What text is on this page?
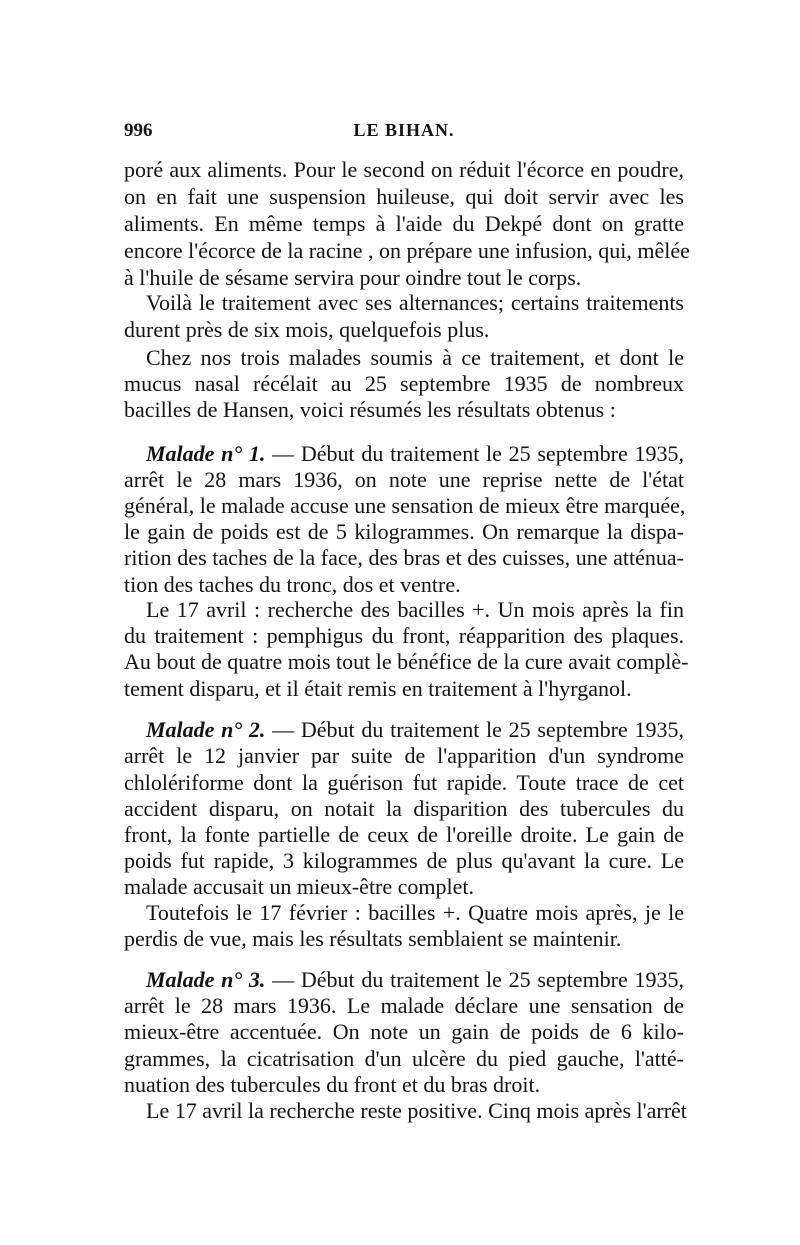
996	LE BIHAN.
poré aux aliments. Pour le second on réduit l'écorce en poudre,
on en fait une suspension huileuse, qui doit servir avec les
aliments. En même temps à l'aide du Dekpé dont on gratte
encore l'écorce de la racine , on prépare une infusion, qui, mêlée
à l'huile de sésame servira pour oindre tout le corps.
Voilà le traitement avec ses alternances; certains traitements
durent près de six mois, quelquefois plus.
Chez nos trois malades soumis à ce traitement, et dont le
mucus nasal récélait au 25 septembre 1935 de nombreux
bacilles de Hansen, voici résumés les résultats obtenus :
Malade n° 1. — Début du traitement le 25 septembre 1935,
arrêt le 28 mars 1936, on note une reprise nette de l'état
général, le malade accuse une sensation de mieux être marquée,
le gain de poids est de 5 kilogrammes. On remarque la dispa-
rition des taches de la face, des bras et des cuisses, une atténua-
tion des taches du tronc, dos et ventre.
Le 17 avril : recherche des bacilles +. Un mois après la fin
du traitement : pemphigus du front, réapparition des plaques.
Au bout de quatre mois tout le bénéfice de la cure avait complè-
tement disparu, et il était remis en traitement à l'hyrganol.
Malade n° 2. — Début du traitement le 25 septembre 1935,
arrêt le 12 janvier par suite de l'apparition d'un syndrome
chlolériforme dont la guérison fut rapide. Toute trace de cet
accident disparu, on notait la disparition des tubercules du
front, la fonte partielle de ceux de l'oreille droite. Le gain de
poids fut rapide, 3 kilogrammes de plus qu'avant la cure. Le
malade accusait un mieux-être complet.
Toutefois le 17 février : bacilles +. Quatre mois après, je le
perdis de vue, mais les résultats semblaient se maintenir.
Malade n° 3. — Début du traitement le 25 septembre 1935,
arrêt le 28 mars 1936. Le malade déclare une sensation de
mieux-être accentuée. On note un gain de poids de 6 kilo-
grammes, la cicatrisation d'un ulcère du pied gauche, l'atté-
nuation des tubercules du front et du bras droit.
Le 17 avril la recherche reste positive. Cinq mois après l'arrêt
